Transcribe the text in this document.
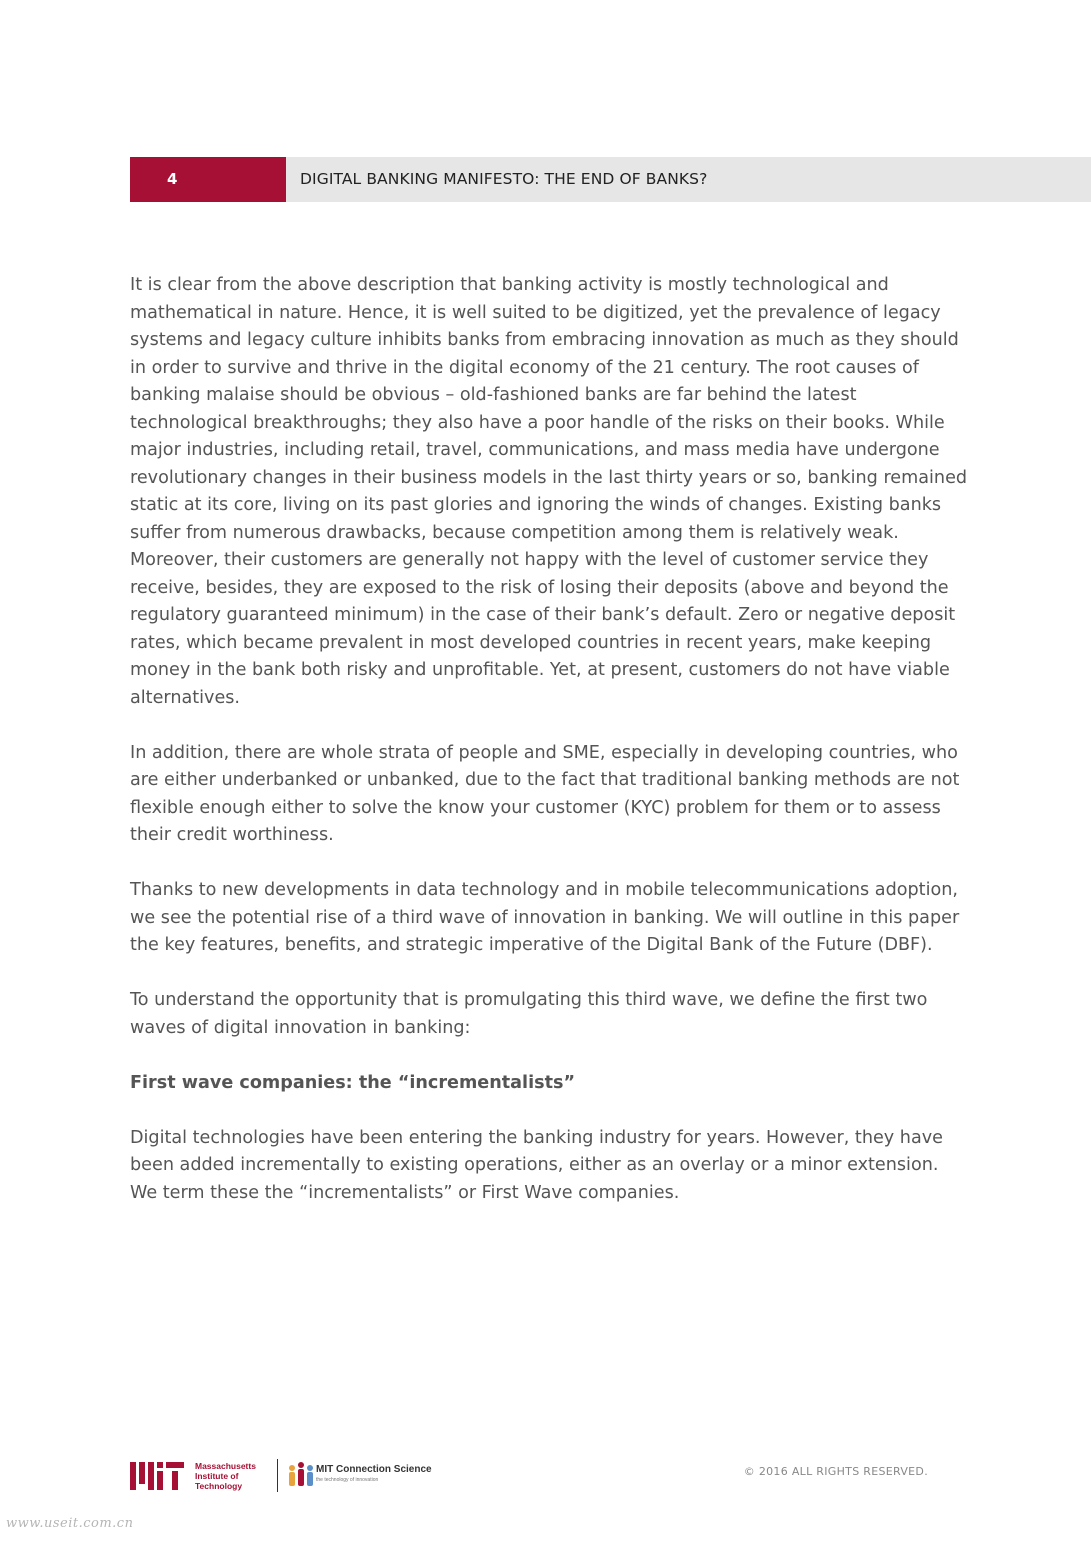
4	DIGITAL BANKING MANIFESTO: THE END OF BANKS?

It is clear from the above description that banking activity is mostly technological and mathematical in nature. Hence, it is well suited to be digitized, yet the prevalence of legacy systems and legacy culture inhibits banks from embracing innovation as much as they should in order to survive and thrive in the digital economy of the 21 century. The root causes of banking malaise should be obvious – old-fashioned banks are far behind the latest technological breakthroughs; they also have a poor handle of the risks on their books. While major industries, including retail, travel, communications, and mass media have undergone revolutionary changes in their business models in the last thirty years or so, banking remained static at its core, living on its past glories and ignoring the winds of changes. Existing banks suffer from numerous drawbacks, because competition among them is relatively weak. Moreover, their customers are generally not happy with the level of customer service they receive, besides, they are exposed to the risk of losing their deposits (above and beyond the regulatory guaranteed minimum) in the case of their bank’s default. Zero or negative deposit rates, which became prevalent in most developed countries in recent years, make keeping money in the bank both risky and unprofitable. Yet, at present, customers do not have viable alternatives.

In addition, there are whole strata of people and SME, especially in developing countries, who are either underbanked or unbanked, due to the fact that traditional banking methods are not flexible enough either to solve the know your customer (KYC) problem for them or to assess their credit worthiness.

Thanks to new developments in data technology and in mobile telecommunications adoption, we see the potential rise of a third wave of innovation in banking. We will outline in this paper the key features, benefits, and strategic imperative of the Digital Bank of the Future (DBF).

To understand the opportunity that is promulgating this third wave, we define the first two waves of digital innovation in banking:

First wave companies: the “incrementalists”

Digital technologies have been entering the banking industry for years. However, they have been added incrementally to existing operations, either as an overlay or a minor extension. We term these the “incrementalists” or First Wave companies.

Massachusetts
Institute of
Technology
MIT Connection Science
the technology of innovation
© 2016 ALL RIGHTS RESERVED.
www.useit.com.cn
